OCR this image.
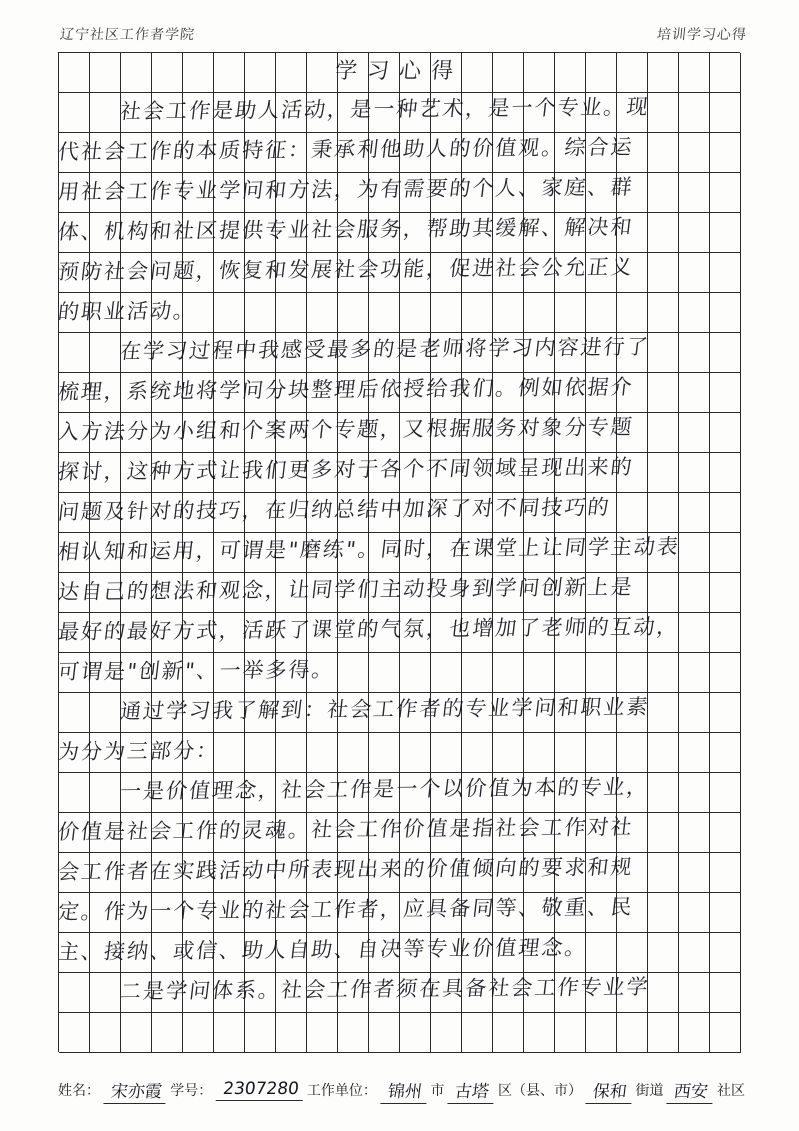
辽宁社区工作者学院	培训学习心得
学习心得
社会工作是助人活动，是一种艺术，是一个专业。现
代社会工作的本质特征：秉承利他助人的价值观。综合运
用社会工作专业学问和方法，为有需要的个人、家庭、群
体、机构和社区提供专业社会服务，帮助其缓解、解决和
预防社会问题，恢复和发展社会功能，促进社会公允正义
的职业活动。
在学习过程中我感受最多的是老师将学习内容进行了
梳理，系统地将学问分块整理后依授给我们。例如依据介
入方法分为小组和个案两个专题，又根据服务对象分专题
探讨，这种方式让我们更多对于各个不同领域呈现出来的
问题及针对的技巧，在归纳总结中加深了对不同技巧的
相认知和运用，可谓是"磨练"。同时，在课堂上让同学主动表
达自己的想法和观念，让同学们主动投身到学问创新上是
最好的最好方式，活跃了课堂的气氛，也增加了老师的互动，
可谓是"创新"、一举多得。
通过学习我了解到：社会工作者的专业学问和职业素
为分为三部分：
一是价值理念，社会工作是一个以价值为本的专业，
价值是社会工作的灵魂。社会工作价值是指社会工作对社
会工作者在实践活动中所表现出来的价值倾向的要求和规
定。作为一个专业的社会工作者，应具备同等、敬重、民
主、接纳、或信、助人自助、自决等专业价值理念。
二是学问体系。社会工作者须在具备社会工作专业学
姓名： 宋亦霞 学号： 2307280 工作单位： 锦州 市 古塔 区（县、市） 保和 街道 西安 社区
